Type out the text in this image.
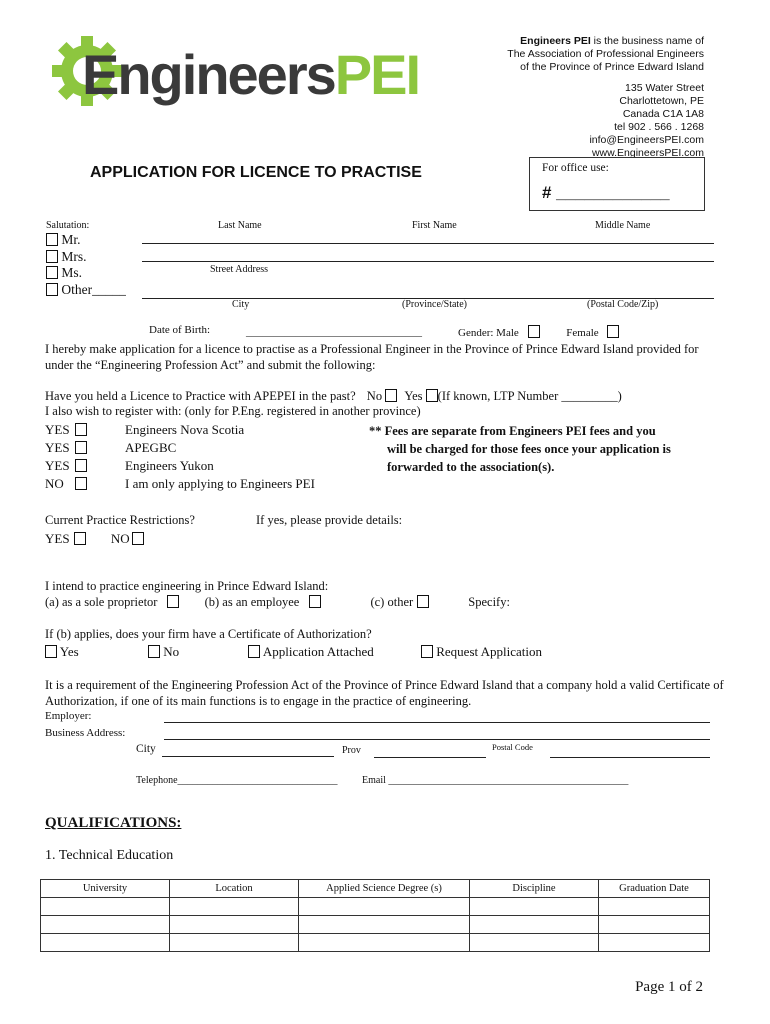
EngineersPEI
Engineers PEI is the business name of
The Association of Professional Engineers
of the Province of Prince Edward Island
135 Water Street
Charlottetown, PE
Canada C1A 1A8
tel 902 . 566 . 1268
info@EngineersPEI.com
www.EngineersPEI.com
APPLICATION FOR LICENCE TO PRACTISE	For office use:
# ____________
Salutation:	Last Name	First Name	Middle Name
Mr.
Mrs.
Ms.
Other_____
Street Address
City	(Province/State)	(Postal Code/Zip)
Date of Birth:	________________________________	Gender: Male	Female
I hereby make application for a licence to practise as a Professional Engineer in the Province of Prince Edward Island provided for under the “Engineering Profession Act” and submit the following:
Have you held a Licence to Practice with APEPEI in the past? No Yes (If known, LTP Number _________)
I also wish to register with: (only for P.Eng. registered in another province)
YES	Engineers Nova Scotia
YES	APEGBC
YES	Engineers Yukon
NO	I am only applying to Engineers PEI
** Fees are separate from Engineers PEI fees and you
will be charged for those fees once your application is
forwarded to the association(s).
Current Practice Restrictions?	If yes, please provide details:
YES	NO
I intend to practice engineering in Prince Edward Island:
(a) as a sole proprietor	(b) as an employee	(c) other	Specify:
If (b) applies, does your firm have a Certificate of Authorization?
Yes	No	Application Attached	Request Application
It is a requirement of the Engineering Profession Act of the Province of Prince Edward Island that a company hold a valid Certificate of Authorization, if one of its main functions is to engage in the practice of engineering.
Employer:
Business Address:
City	Prov	Postal Code
Telephone________________________________ Email ________________________________________________
QUALIFICATIONS:
1. Technical Education
University	Location	Applied Science Degree (s)	Discipline	Graduation Date

Page 1 of 2
